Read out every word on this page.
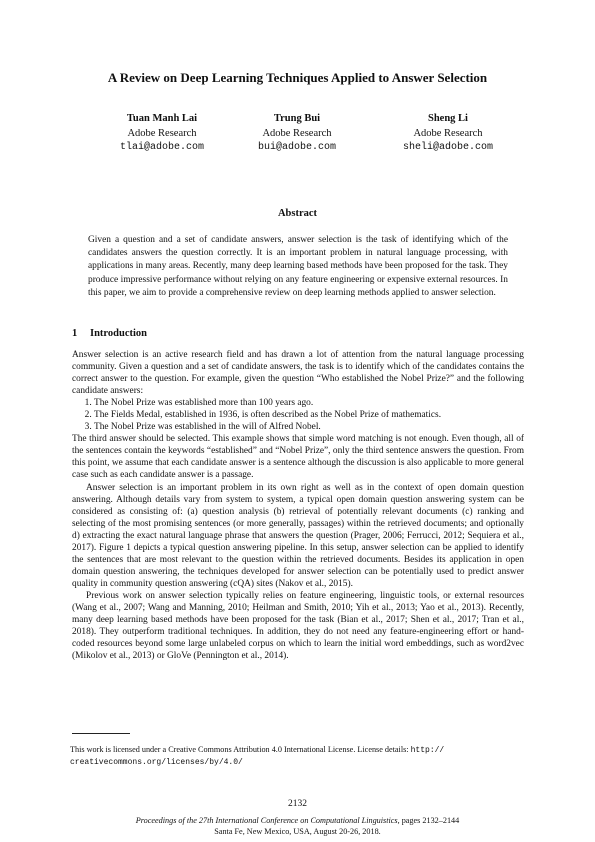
A Review on Deep Learning Techniques Applied to Answer Selection
Tuan Manh Lai
Adobe Research
tlai@adobe.com
Trung Bui
Adobe Research
bui@adobe.com
Sheng Li
Adobe Research
sheli@adobe.com
Abstract
Given a question and a set of candidate answers, answer selection is the task of identifying which of the candidates answers the question correctly. It is an important problem in natural language processing, with applications in many areas. Recently, many deep learning based methods have been proposed for the task. They produce impressive performance without relying on any feature engineering or expensive external resources. In this paper, we aim to provide a comprehensive review on deep learning methods applied to answer selection.
1 Introduction

Answer selection is an active research field and has drawn a lot of attention from the natural language processing community. Given a question and a set of candidate answers, the task is to identify which of the candidates contains the correct answer to the question. For example, given the question “Who established the Nobel Prize?” and the following candidate answers:

1. The Nobel Prize was established more than 100 years ago.
2. The Fields Medal, established in 1936, is often described as the Nobel Prize of mathematics.
3. The Nobel Prize was established in the will of Alfred Nobel.

The third answer should be selected. This example shows that simple word matching is not enough. Even though, all of the sentences contain the keywords “established” and “Nobel Prize”, only the third sentence answers the question. From this point, we assume that each candidate answer is a sentence although the discussion is also applicable to more general case such as each candidate answer is a passage.

Answer selection is an important problem in its own right as well as in the context of open domain question answering. Although details vary from system to system, a typical open domain question answering system can be considered as consisting of: (a) question analysis (b) retrieval of potentially relevant documents (c) ranking and selecting of the most promising sentences (or more generally, passages) within the retrieved documents; and optionally d) extracting the exact natural language phrase that answers the question (Prager, 2006; Ferrucci, 2012; Sequiera et al., 2017). Figure 1 depicts a typical question answering pipeline. In this setup, answer selection can be applied to identify the sentences that are most relevant to the question within the retrieved documents. Besides its application in open domain question answering, the techniques developed for answer selection can be potentially used to predict answer quality in community question answering (cQA) sites (Nakov et al., 2015).

Previous work on answer selection typically relies on feature engineering, linguistic tools, or external resources (Wang et al., 2007; Wang and Manning, 2010; Heilman and Smith, 2010; Yih et al., 2013; Yao et al., 2013). Recently, many deep learning based methods have been proposed for the task (Bian et al., 2017; Shen et al., 2017; Tran et al., 2018). They outperform traditional techniques. In addition, they do not need any feature-engineering effort or hand-coded resources beyond some large unlabeled corpus on which to learn the initial word embeddings, such as word2vec (Mikolov et al., 2013) or GloVe (Pennington et al., 2014).

This work is licensed under a Creative Commons Attribution 4.0 International License. License details: http://
creativecommons.org/licenses/by/4.0/
2132
Proceedings of the 27th International Conference on Computational Linguistics, pages 2132–2144
Santa Fe, New Mexico, USA, August 20-26, 2018.
